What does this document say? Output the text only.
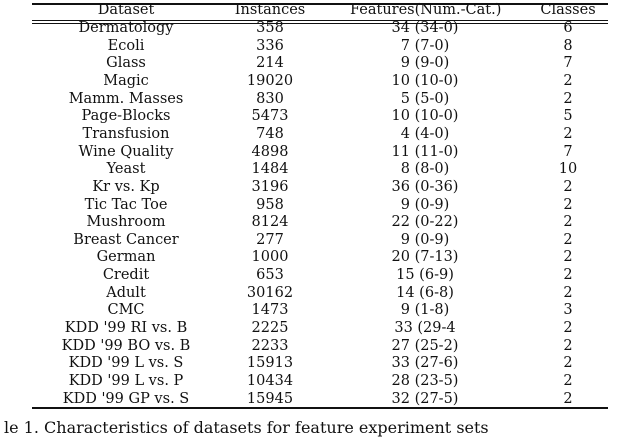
Dataset	Instances	Features(Num.-Cat.)	Classes
Dermatology	358	34 (34-0)	6
Ecoli	336	7 (7-0)	8
Glass	214	9 (9-0)	7
Magic	19020	10 (10-0)	2
Mamm. Masses	830	5 (5-0)	2
Page-Blocks	5473	10 (10-0)	5
Transfusion	748	4 (4-0)	2
Wine Quality	4898	11 (11-0)	7
Yeast	1484	8 (8-0)	10
Kr vs. Kp	3196	36 (0-36)	2
Tic Tac Toe	958	9 (0-9)	2
Mushroom	8124	22 (0-22)	2
Breast Cancer	277	9 (0-9)	2
German	1000	20 (7-13)	2
Credit	653	15 (6-9)	2
Adult	30162	14 (6-8)	2
CMC	1473	9 (1-8)	3
KDD '99 RI vs. B	2225	33 (29-4	2
KDD '99 BO vs. B	2233	27 (25-2)	2
KDD '99 L vs. S	15913	33 (27-6)	2
KDD '99 L vs. P	10434	28 (23-5)	2
KDD '99 GP vs. S	15945	32 (27-5)	2
le 1. Characteristics of datasets for feature experiment sets
